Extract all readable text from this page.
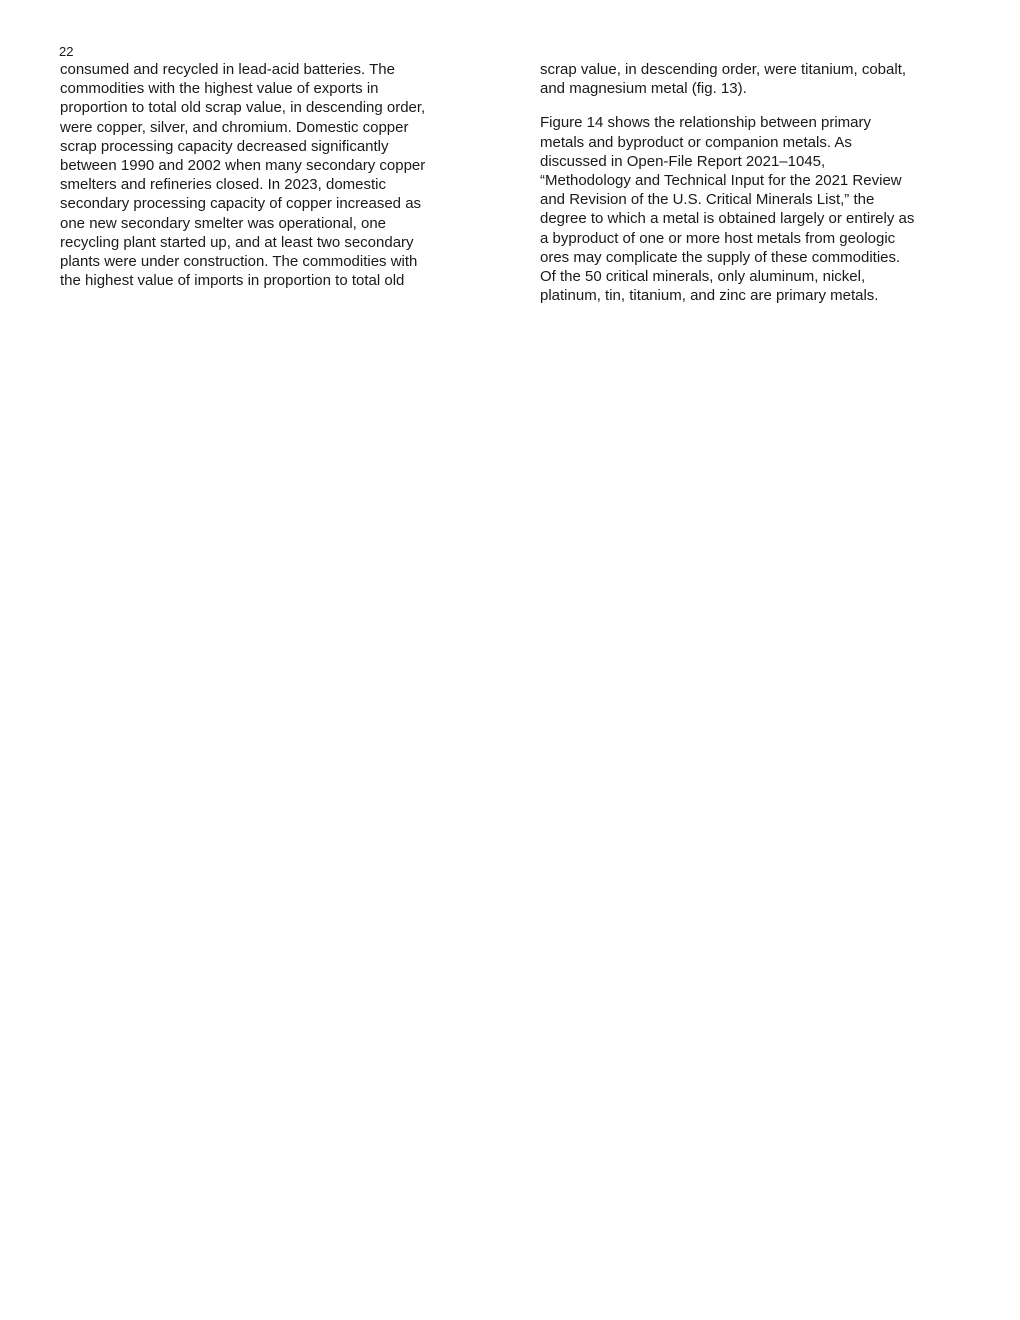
22
consumed and recycled in lead-acid batteries. The
commodities with the highest value of exports in
proportion to total old scrap value, in descending order,
were copper, silver, and chromium. Domestic copper
scrap processing capacity decreased significantly
between 1990 and 2002 when many secondary copper
smelters and refineries closed. In 2023, domestic
secondary processing capacity of copper increased as
one new secondary smelter was operational, one
recycling plant started up, and at least two secondary
plants were under construction. The commodities with
the highest value of imports in proportion to total old
scrap value, in descending order, were titanium, cobalt,
and magnesium metal (fig. 13).
Figure 14 shows the relationship between primary
metals and byproduct or companion metals. As
discussed in Open-File Report 2021–1045,
“Methodology and Technical Input for the 2021 Review
and Revision of the U.S. Critical Minerals List,” the
degree to which a metal is obtained largely or entirely as
a byproduct of one or more host metals from geologic
ores may complicate the supply of these commodities.
Of the 50 critical minerals, only aluminum, nickel,
platinum, tin, titanium, and zinc are primary metals.
